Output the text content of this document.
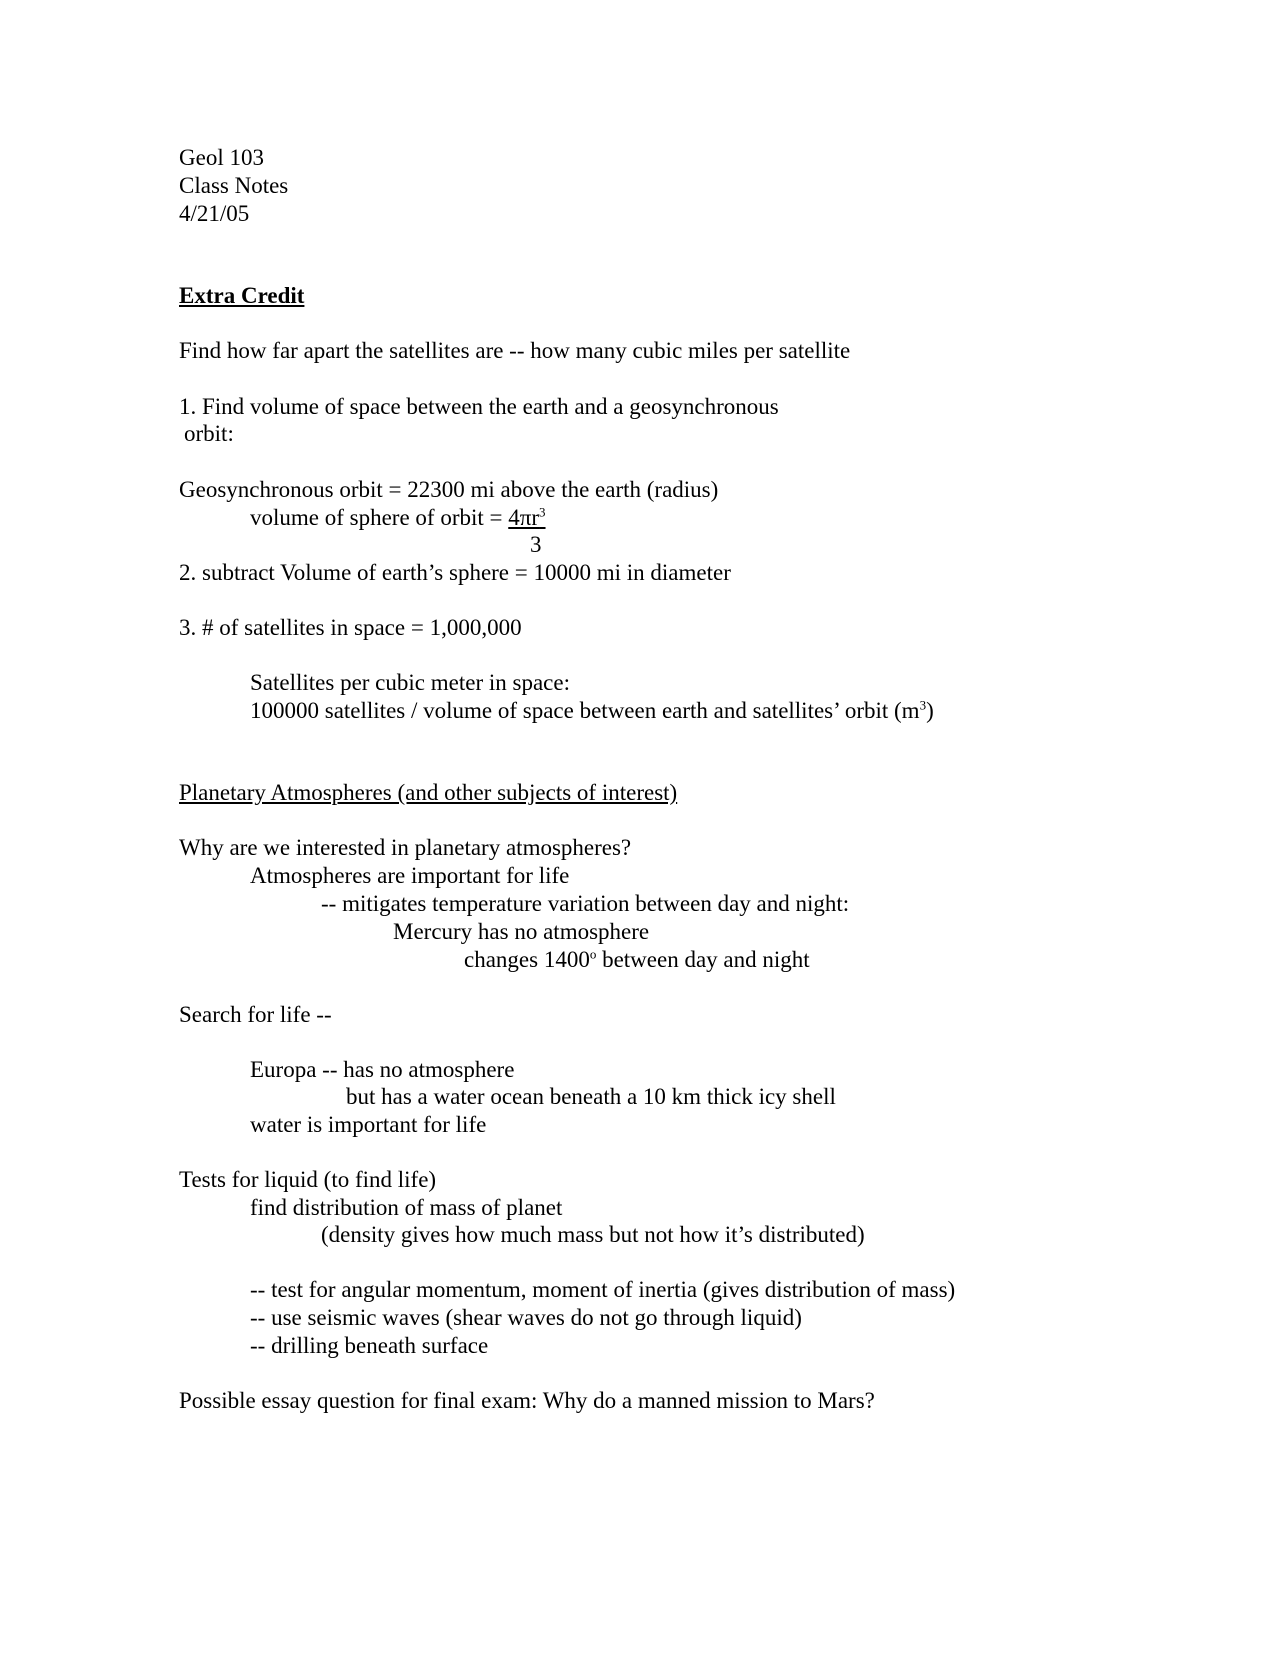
Geol 103
Class Notes
4/21/05
Extra Credit
Find how far apart the satellites are -- how many cubic miles per satellite
1. Find volume of space between the earth and a geosynchronous
orbit:
Geosynchronous orbit = 22300 mi above the earth (radius)
volume of sphere of orbit = $4\pi r^3$
3
2. subtract Volume of earth’s sphere = 10000 mi in diameter
3. # of satellites in space = 1,000,000
Satellites per cubic meter in space:
100000 satellites / volume of space between earth and satellites’ orbit $(m^3)$
Planetary Atmospheres (and other subjects of interest)
Why are we interested in planetary atmospheres?
Atmospheres are important for life
-- mitigates temperature variation between day and night:
Mercury has no atmosphere
changes 1400$^o$ between day and night
Search for life --
Europa -- has no atmosphere
but has a water ocean beneath a 10 km thick icy shell
water is important for life
Tests for liquid (to find life)
find distribution of mass of planet
(density gives how much mass but not how it’s distributed)
-- test for angular momentum, moment of inertia (gives distribution of mass)
-- use seismic waves (shear waves do not go through liquid)
-- drilling beneath surface
Possible essay question for final exam: Why do a manned mission to Mars?
